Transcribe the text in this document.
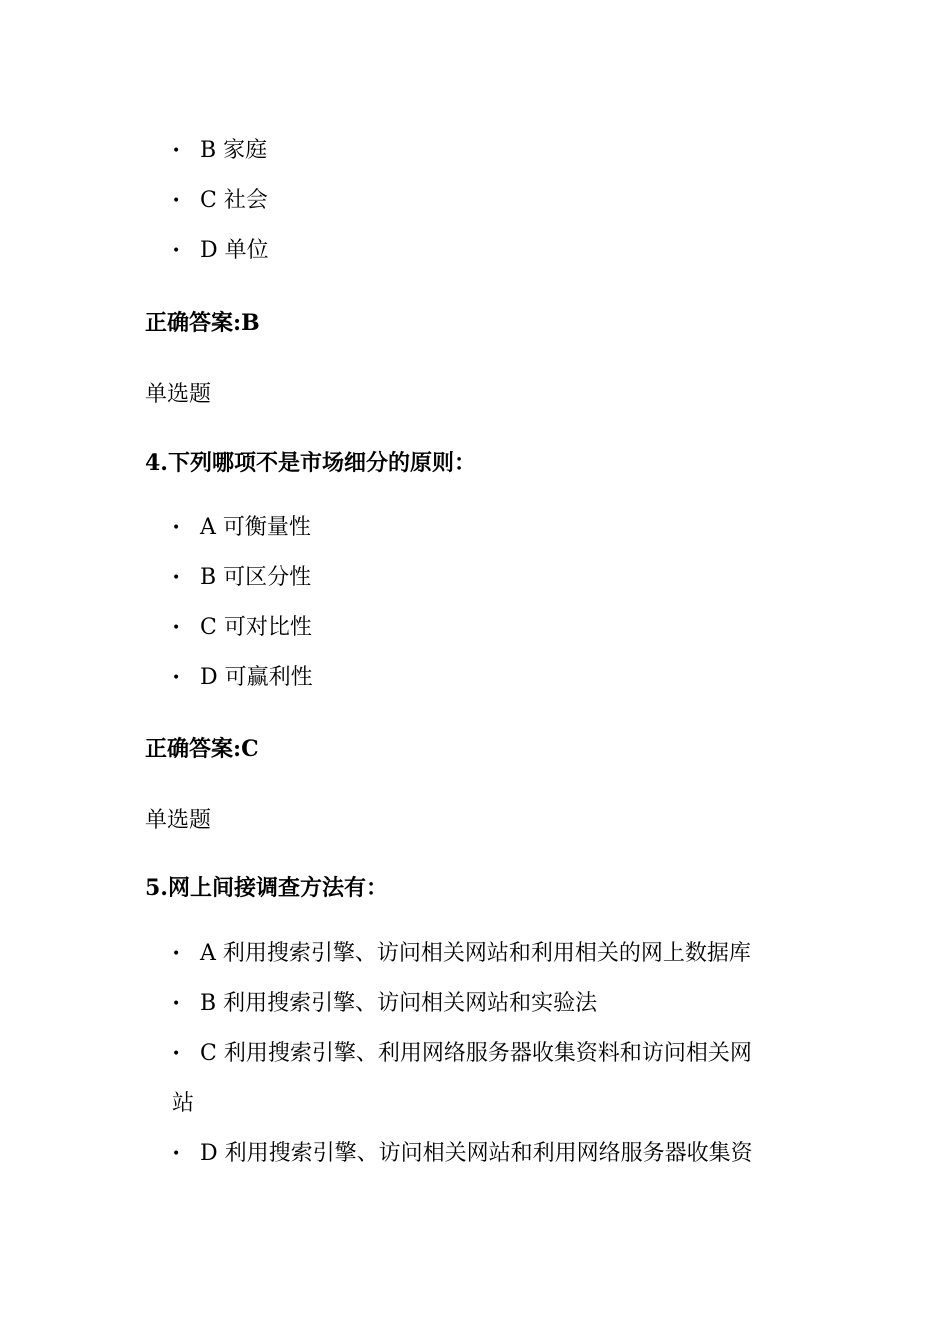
• B 家庭
• C 社会
• D 单位
正确答案:B
单选题
4.下列哪项不是市场细分的原则：
• A 可衡量性
• B 可区分性
• C 可对比性
• D 可赢利性
正确答案:C
单选题
5.网上间接调查方法有：
• A 利用搜索引擎、访问相关网站和利用相关的网上数据库
• B 利用搜索引擎、访问相关网站和实验法
• C 利用搜索引擎、利用网络服务器收集资料和访问相关网
站
• D 利用搜索引擎、访问相关网站和利用网络服务器收集资
